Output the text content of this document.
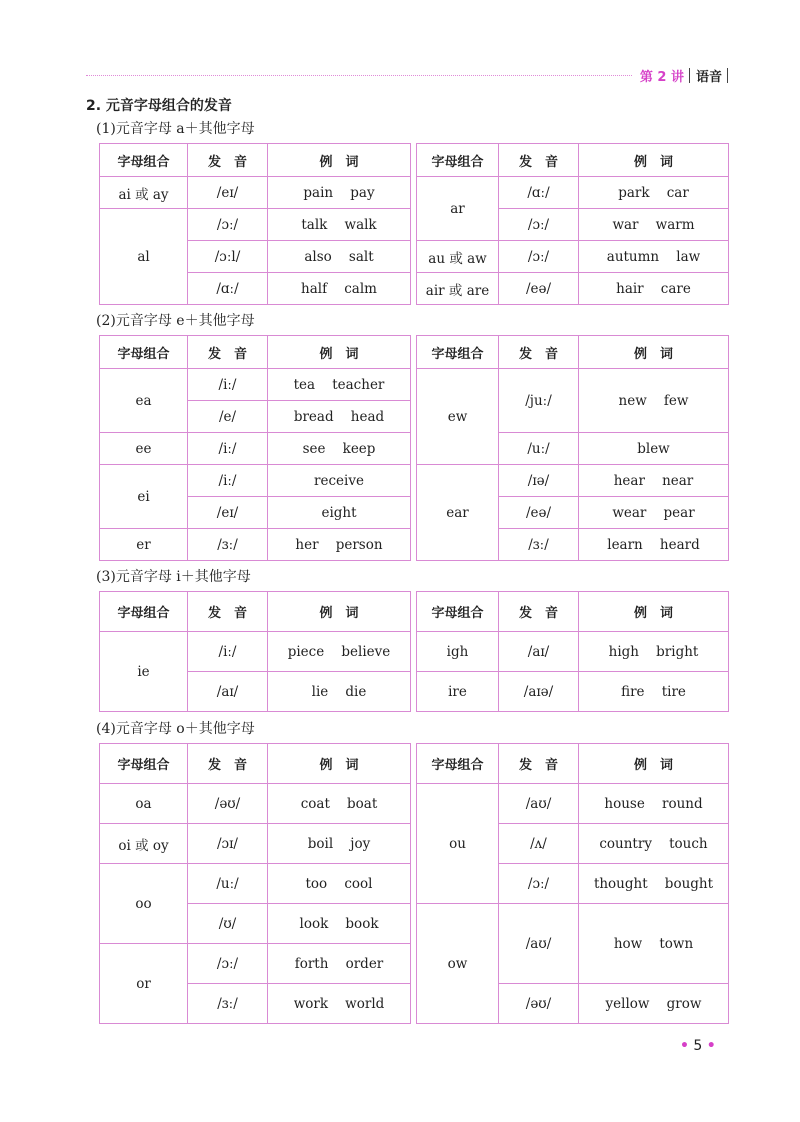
第 2 讲 语音
2. 元音字母组合的发音
(1)元音字母 a＋其他字母
字母组合	发　音	例　词		字母组合	发　音	例　词
ai 或 ay	/eɪ/	pain    pay		ar	/ɑː/	park    car
al	/ɔː/	talk    walk			/ɔː/	war    warm
	/ɔːl/	also    salt		au 或 aw	/ɔː/	autumn    law
	/ɑː/	half    calm		air 或 are	/eə/	hair    care
(2)元音字母 e＋其他字母
字母组合	发　音	例　词		字母组合	发　音	例　词
ea	/iː/	tea    teacher		ew	/juː/	new    few
	/e/	bread    head				
ee	/iː/	see    keep			/uː/	blew
ei	/iː/	receive		ear	/ɪə/	hear    near
	/eɪ/	eight			/eə/	wear    pear
er	/ɜː/	her    person			/ɜː/	learn    heard
(3)元音字母 i＋其他字母
字母组合	发　音	例　词		字母组合	发　音	例　词
ie	/iː/	piece    believe		igh	/aɪ/	high    bright
	/aɪ/	lie    die		ire	/aɪə/	fire    tire
(4)元音字母 o＋其他字母
字母组合	发　音	例　词		字母组合	发　音	例　词
oa	/əʊ/	coat    boat		ou	/aʊ/	house    round
oi 或 oy	/ɔɪ/	boil    joy			/ʌ/	country    touch
oo	/uː/	too    cool			/ɔː/	thought    bought
	/ʊ/	look    book		ow	/aʊ/	how    town
or	/ɔː/	forth    order				
	/ɜː/	work    world			/əʊ/	yellow    grow
• 5 •
